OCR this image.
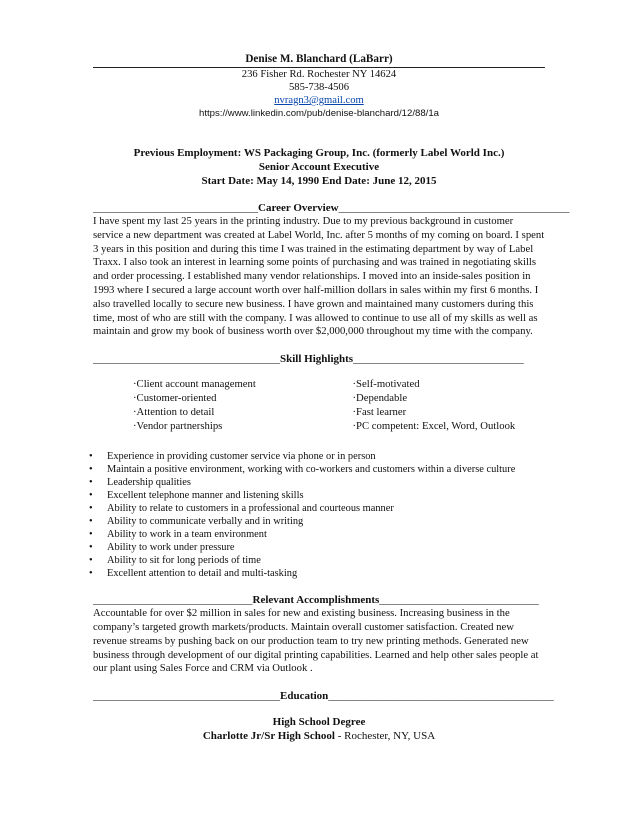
Denise M. Blanchard (LaBarr)
236 Fisher Rd. Rochester NY 14624
585-738-4506
nvragn3@gmail.com
https://www.linkedin.com/pub/denise-blanchard/12/88/1a
Previous Employment: WS Packaging Group, Inc. (formerly Label World Inc.)
Senior Account Executive
Start Date: May 14, 1990 End Date: June 12, 2015
______________________________Career Overview__________________________________________

I have spent my last 25 years in the printing industry. Due to my previous background in customer service a new department was created at Label World, Inc. after 5 months of my coming on board. I spent 3 years in this position and during this time I was trained in the estimating department by way of Label Traxx. I also took an interest in learning some points of purchasing and was trained in negotiating skills and order processing. I established many vendor relationships. I moved into an inside-sales position in 1993 where I secured a large account worth over half-million dollars in sales within my first 6 months. I also travelled locally to secure new business. I have grown and maintained many customers during this time, most of who are still with the company. I was allowed to continue to use all of my skills as well as maintain and grow my book of business worth over $2,000,000 throughout my time with the company.

__________________________________Skill Highlights_______________________________
·Client account management
·Customer-oriented
·Attention to detail
·Vendor partnerships
·Self-motivated
·Dependable
·Fast learner
·PC competent: Excel, Word, Outlook
• Experience in providing customer service via phone or in person
• Maintain a positive environment, working with co-workers and customers within a diverse culture
• Leadership qualities
• Excellent telephone manner and listening skills
• Ability to relate to customers in a professional and courteous manner
• Ability to communicate verbally and in writing
• Ability to work in a team environment
• Ability to work under pressure
• Ability to sit for long periods of time
• Excellent attention to detail and multi-tasking
_____________________________Relevant Accomplishments_____________________________

Accountable for over $2 million in sales for new and existing business. Increasing business in the company’s targeted growth markets/products. Maintain overall customer satisfaction. Created new revenue streams by pushing back on our production team to try new printing methods. Generated new business through development of our digital printing capabilities. Learned and help other sales people at our plant using Sales Force and CRM via Outlook .

__________________________________Education_________________________________________
High School Degree
Charlotte Jr/Sr High School - Rochester, NY, USA
